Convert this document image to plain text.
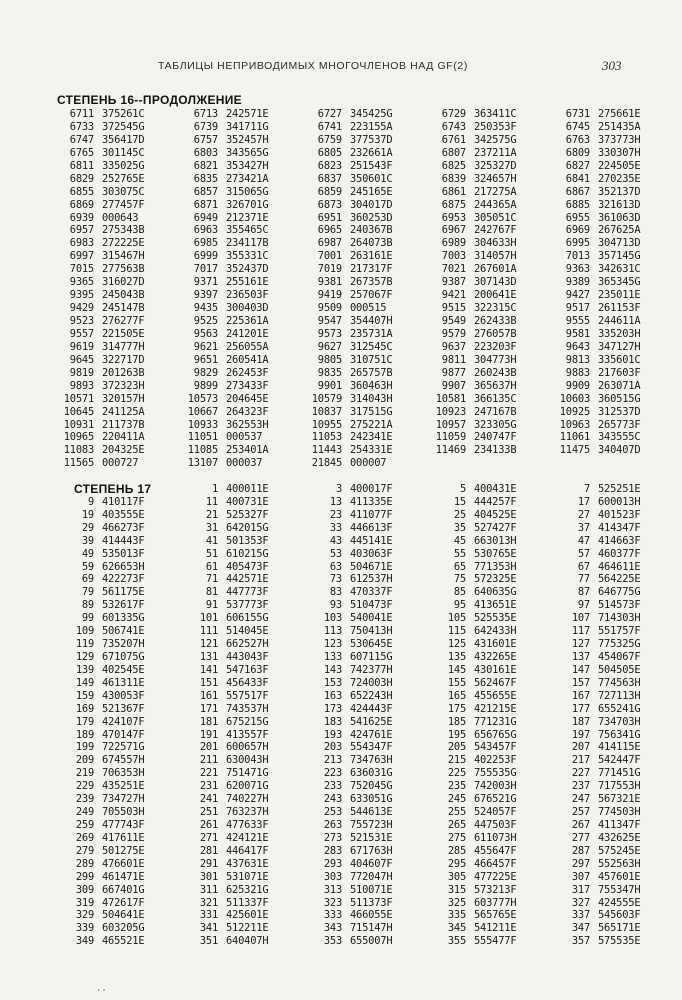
ТАБЛИЦЫ НЕПРИВОДИМЫХ МНОГОЧЛЕНОВ НАД GF(2)	303
СТЕПЕНЬ 16--ПРОДОЛЖЕНИЕ
6711 375261C	6713 242571E	6727 345425G	6729 363411C	6731 275661E
6733 372545G	6739 341711G	6741 223155A	6743 250353F	6745 251435A
6747 356417D	6757 352457H	6759 377537D	6761 342575G	6763 373773H
6765 301145C	6803 343565G	6805 232661A	6807 237211A	6809 330307H
6811 335025G	6821 353427H	6823 251543F	6825 325327D	6827 224505E
6829 252765E	6835 273421A	6837 350601C	6839 324657H	6841 270235E
6855 303075C	6857 315065G	6859 245165E	6861 217275A	6867 352137D
6869 277457F	6871 326701G	6873 304017D	6875 244365A	6885 321613D
6939 000643	6949 212371E	6951 360253D	6953 305051C	6955 361063D
6957 275343B	6963 355465C	6965 240367B	6967 242767F	6969 267625A
6983 272225E	6985 234117B	6987 264073B	6989 304633H	6995 304713D
6997 315467H	6999 355331C	7001 263161E	7003 314057H	7013 357145G
7015 277563B	7017 352437D	7019 217317F	7021 267601A	9363 342631C
9365 316027D	9371 255161E	9381 267357B	9387 307143D	9389 365345G
9395 245043B	9397 236503F	9419 257067F	9421 200641E	9427 235011E
9429 245147B	9435 300403D	9509 000515	9515 322315C	9517 261153F
9523 276277F	9525 225361A	9547 354407H	9549 262433B	9555 244611A
9557 221505E	9563 241201E	9573 235731A	9579 276057B	9581 335203H
9619 314777H	9621 256055A	9627 312545C	9637 223203F	9643 347127H
9645 322717D	9651 260541A	9805 310751C	9811 304773H	9813 335601C
9819 201263B	9829 262453F	9835 265757B	9877 260243B	9883 217603F
9893 372323H	9899 273433F	9901 360463H	9907 365637H	9909 263071A
10571 320157H	10573 204645E	10579 314043H	10581 366135C	10603 360515G
10645 241125A	10667 264323F	10837 317515G	10923 247167B	10925 312537D
10931 211737B	10933 362553H	10955 275221A	10957 323305G	10963 265773F
10965 220411A	11051 000537	11053 242341E	11059 240747F	11061 343555C
11083 204325E	11085 253401A	11443 254331E	11469 234133B	11475 340407D
11565 000727	13107 000037	21845 000007
СТЕПЕНЬ 17	1 400011E	3 400017F	5 400431E	7 525251E
9 410117F	11 400731E	13 411335E	15 444257F	17 600013H
19 403555E	21 525327F	23 411077F	25 404525E	27 401523F
29 466273F	31 642015G	33 446613F	35 527427F	37 414347F
39 414443F	41 501353F	43 445141E	45 663013H	47 414663F
49 535013F	51 610215G	53 403063F	55 530765E	57 460377F
59 626653H	61 405473F	63 504671E	65 771353H	67 464611E
69 422273F	71 442571E	73 612537H	75 572325E	77 564225E
79 561175E	81 447773F	83 470337F	85 640635G	87 646775G
89 532617F	91 537773F	93 510473F	95 413651E	97 514573F
99 601335G	101 606155G	103 540041E	105 525535E	107 714303H
109 506741E	111 514045E	113 750413H	115 642433H	117 551757F
119 735207H	121 662527H	123 530645E	125 431601E	127 775325G
129 671075G	131 443043F	133 607115G	135 432265E	137 454067F
139 402545E	141 547163F	143 742377H	145 430161E	147 504505E
149 461311E	151 456433F	153 724003H	155 562467F	157 774563H
159 430053F	161 557517F	163 652243H	165 455655E	167 727113H
169 521367F	171 743537H	173 424443F	175 421215E	177 655241G
179 424107F	181 675215G	183 541625E	185 771231G	187 734703H
189 470147F	191 413557F	193 424761E	195 656765G	197 756341G
199 722571G	201 600657H	203 554347F	205 543457F	207 414115E
209 674557H	211 630043H	213 734763H	215 402253F	217 542447F
219 706353H	221 751471G	223 636031G	225 755535G	227 771451G
229 435251E	231 620071G	233 752045G	235 742003H	237 717553H
239 734727H	241 740227H	243 633051G	245 676521G	247 567321E
249 705503H	251 763237H	253 544613E	255 524057F	257 774503H
259 477743F	261 477633F	263 755723H	265 447503F	267 411347F
269 417611E	271 424121E	273 521531E	275 611073H	277 432625E
279 501275E	281 446417F	283 671763H	285 455647F	287 575245E
289 476601E	291 437631E	293 404607F	295 466457F	297 552563H
299 461471E	301 531071E	303 772047H	305 477225E	307 457601E
309 667401G	311 625321G	313 510071E	315 573213F	317 755347H
319 472617F	321 511337F	323 511373F	325 603777H	327 424555E
329 504641E	331 425601E	333 466055E	335 565765E	337 545603F
339 603205G	341 512211E	343 715147H	345 541211E	347 565171E
349 465521E	351 640407H	353 655007H	355 555477F	357 575535E
··
